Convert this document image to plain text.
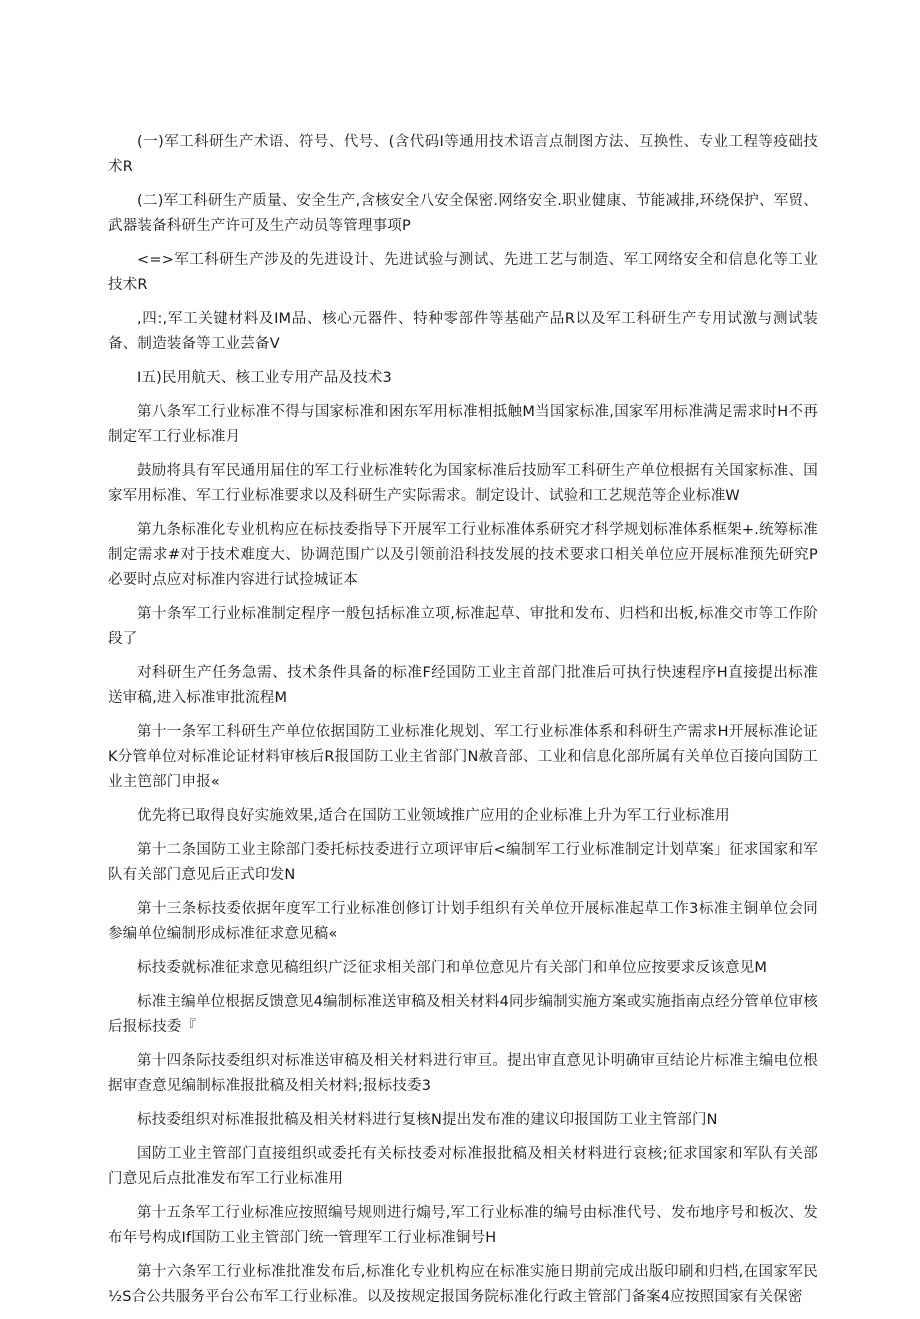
(一)军工科研生产术语、符号、代号、(含代码I等通用技术语言点制图方法、互换性、专业工程等疫础技术R

(二)军工科研生产质量、安全生产,含核安全八安全保密.网络安全.职业健康、节能减排,环绕保护、军贸、武器装备科研生产许可及生产动员等管理事项P

<=>军工科研生产涉及的先进设计、先进试验与测试、先进工艺与制造、军工网络安全和信息化等工业技术R

,四:,军工关键材料及IM品、核心元器件、特种零部件等基础产品R以及军工科研生产专用试激与测试装备、制造装备等工业芸备V

I五)民用航天、核工业专用产品及技术3

第八条军工行业标准不得与国家标准和困东军用标准相抵触M当国家标准,国家军用标准满足需求时H不再制定军工行业标准月

鼓励将具有军民通用届住的军工行业标准转化为国家标准后技励军工科研生产单位根据有关国家标准、国家军用标准、军工行业标准要求以及科研生产实际需求。制定设计、试验和工艺规范等企业标准W

第九条标准化专业机构应在标技委指导下开展军工行业标准体系研究才科学规划标准体系框架+.统筹标准制定需求#对于技术难度大、协调范围广以及引领前沿科技发展的技术要求口相关单位应开展标准预先研究P必要时点应对标准内容进行试捡城证本

第十条军工行业标准制定程序一般包括标准立项,标准起草、审批和发布、归档和出板,标准交市等工作阶段了

对科研生产任务急需、技术条件具备的标准F经国防工业主首部门批准后可执行快速程序H直接提出标准送审稿,进入标准审批流程M

第十一条军工科研生产单位依据国防工业标准化规划、军工行业标准体系和科研生产需求H开展标准论证K分管单位对标准论证材料审核后R报国防工业主省部门N赦音部、工业和信息化部所属有关单位百接向国防工业主笆部门申报«

优先将已取得良好实施效果,适合在国防工业领域推广应用的企业标准上升为军工行业标准用

第十二条国防工业主除部门委托标技委进行立项评审后<编制军工行业标准制定计划草案」征求国家和军队有关部门意见后正式印发N

第十三条标技委依据年度军工行业标准创修订计划手组织有关单位开展标准起草工作3标准主铜单位会同参编单位编制形成标准征求意见稿«

标技委就标准征求意见稿组织广泛征求相关部门和单位意见片有关部门和单位应按要求反该意见M

标准主编单位根据反馈意见4编制标准送审稿及相关材料4同步编制实施方案或实施指南点经分管单位审核后报标技委『

第十四条际技委组织对标准送审稿及相关材料进行审亘。提出审直意见讣明确审亘结论片标准主编电位根据审查意见编制标准报批稿及相关材料;报标技委3

标技委组织对标准报批稿及相关材料进行复核N提出发布准的建议印报国防工业主管部门N

国防工业主管部门直接组织或委托有关标技委对标准报批稿及相关材料进行哀核;征求国家和军队有关部门意见后点批准发布军工行业标准用

第十五条军工行业标准应按照编号规则进行煽号,军工行业标准的编号由标准代号、发布地序号和板次、发布年号构成If国防工业主管部门统一管理军工行业标准铜号H

第十六条军工行业标准批准发布后,标准化专业机构应在标准实施日期前完成出版印刷和归档,在国家军民½S合公共服务平台公布军工行业标准。以及按规定报国务院标准化行政主管部门备案4应按照国家有关保密
